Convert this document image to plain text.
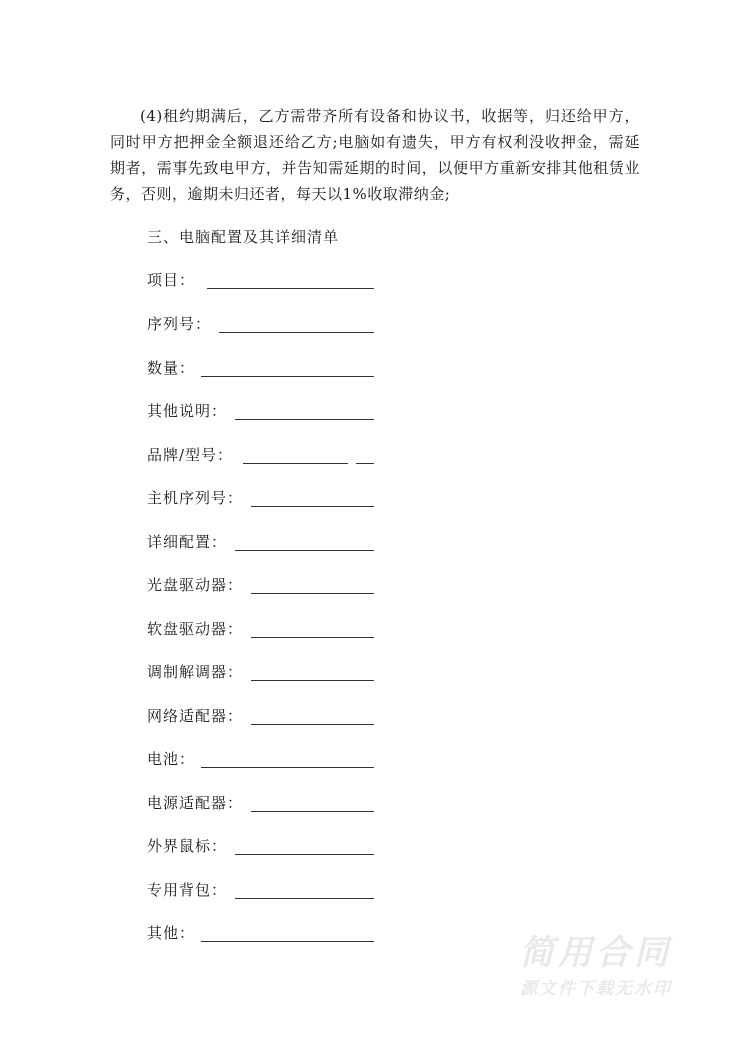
(4)租约期满后，乙方需带齐所有设备和协议书，收据等，归还给甲方，同时甲方把押金全额退还给乙方;电脑如有遗失，甲方有权利没收押金，需延期者，需事先致电甲方，并告知需延期的时间，以便甲方重新安排其他租赁业务，否则，逾期未归还者，每天以1%收取滞纳金;

三、电脑配置及其详细清单
项目：
序列号：
数量：
其他说明：
品牌/型号：
主机序列号：
详细配置：
光盘驱动器：
软盘驱动器：
调制解调器：
网络适配器：
电池：
电源适配器：
外界鼠标：
专用背包：
其他：	简用合同
源文件下载无水印
